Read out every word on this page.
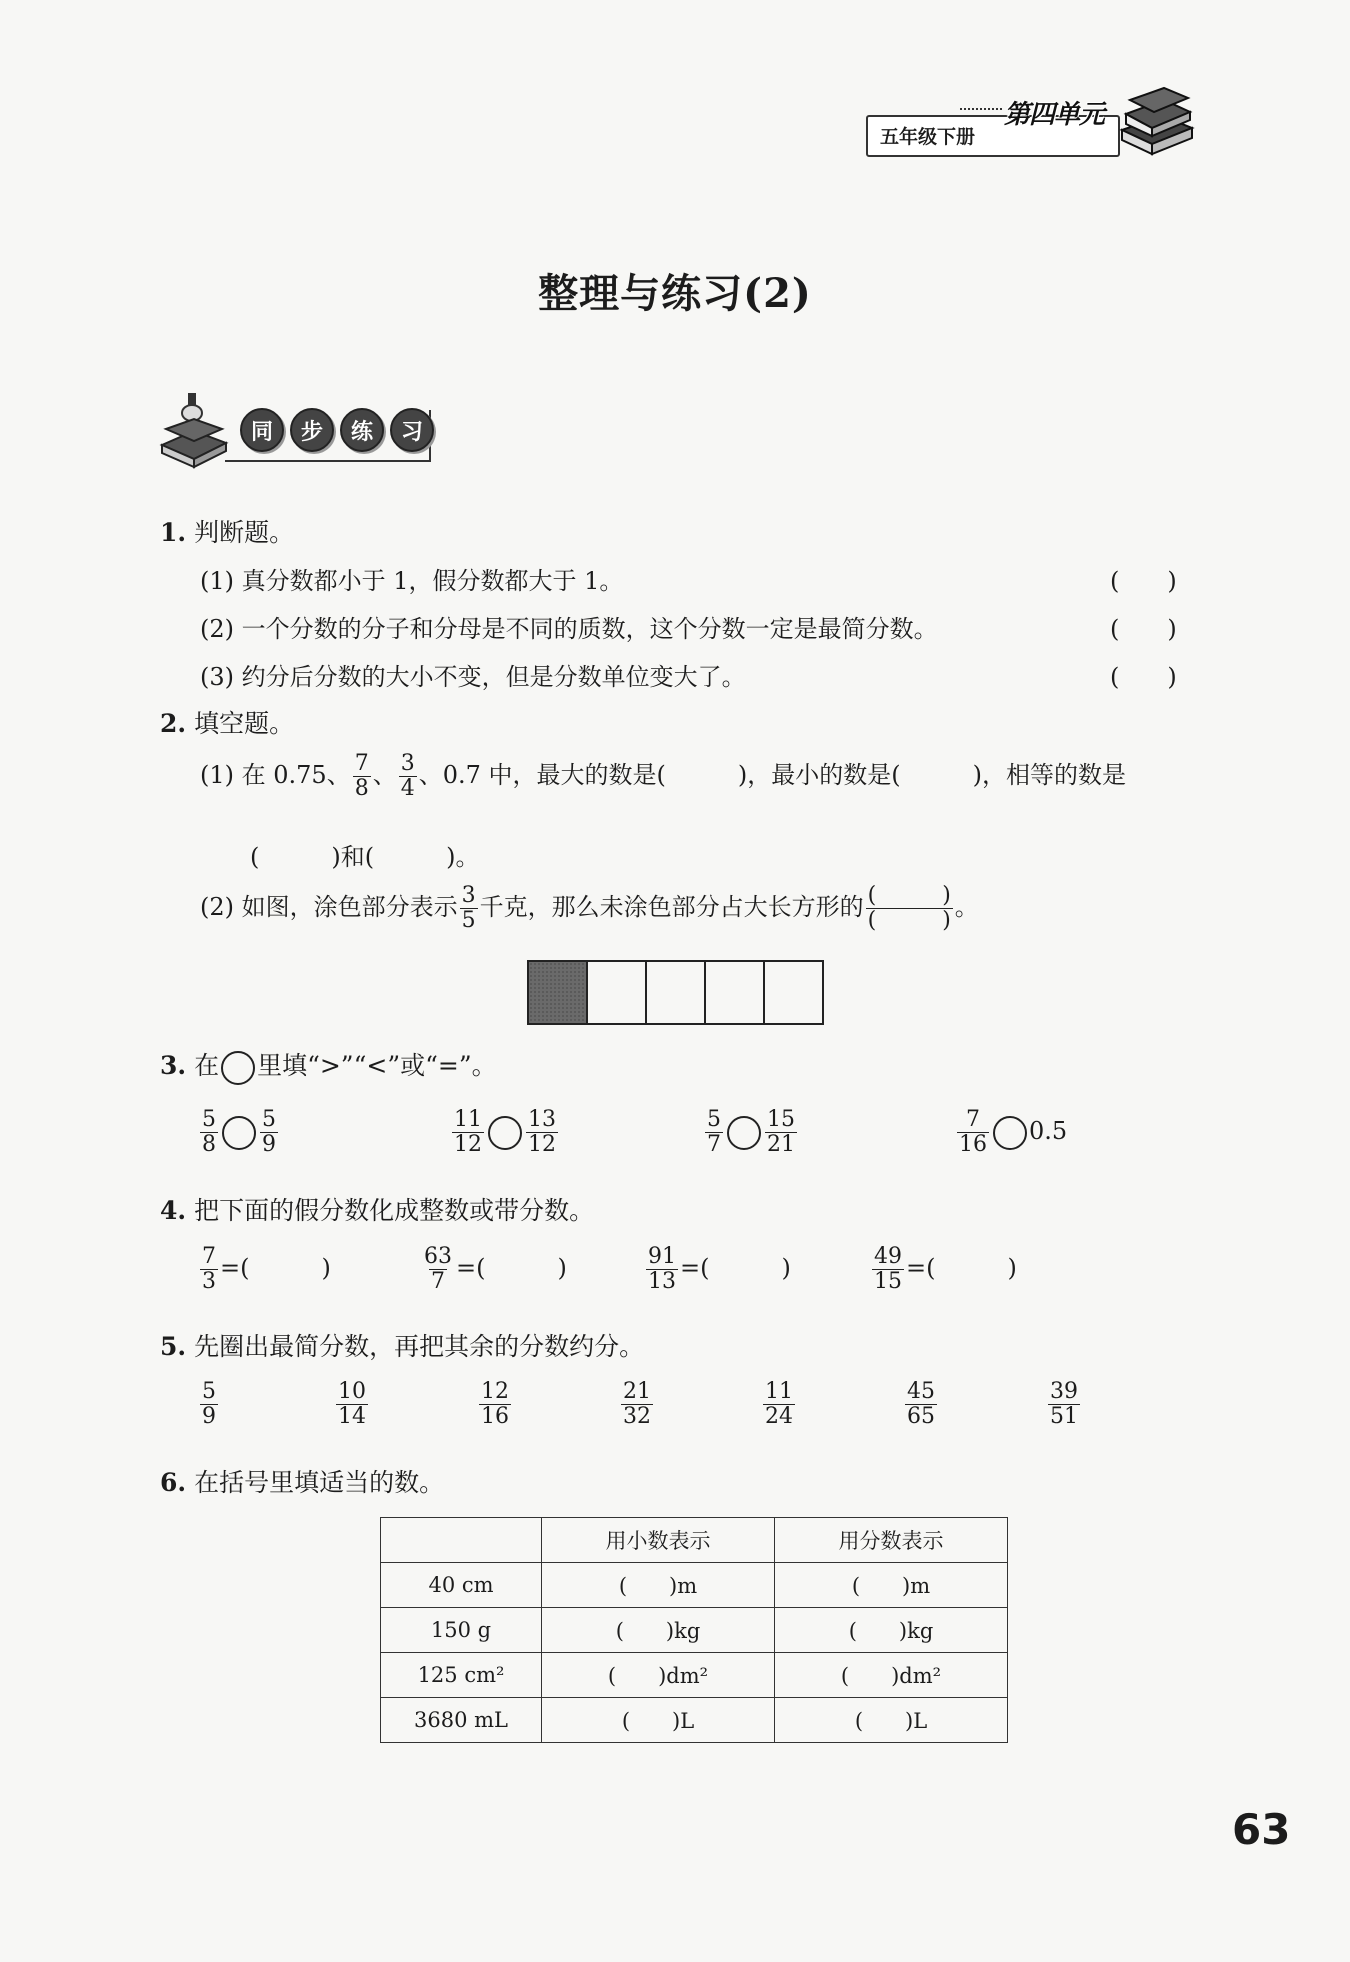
五年级下册
第四单元
整理与练习(2)
同	步	练	习
1. 判断题。
(1) 真分数都小于 1，假分数都大于 1。	(　　)
(2) 一个分数的分子和分母是不同的质数，这个分数一定是最简分数。	(　　)
(3) 约分后分数的大小不变，但是分数单位变大了。	(　　)
2. 填空题。
(1) 在 0.75、 $\frac{7}{8}$ 、 $\frac{3}{4}$ 、0.7 中，最大的数是(　　　)，最小的数是(　　　)，相等的数是
(　　　)和(　　　)。
(2) 如图，涂色部分表示 $\frac{3}{5}$ 千克，那么未涂色部分占大长方形的 $\frac{( )}{( )}$ 。
3. 在 里填“>”“<”或“=”。
$\frac{5}{8} \frac{5}{9}$	$\frac{11}{12} \frac{13}{12}$	$\frac{5}{7} \frac{15}{21}$	$\frac{7}{16} 0.5$
4. 把下面的假分数化成整数或带分数。
$\frac{7}{3}$ =(　　　)	$\frac{63}{7}$ =(　　　)	$\frac{91}{13}$ =(　　　)	$\frac{49}{15}$ =(　　　)
5. 先圈出最简分数，再把其余的分数约分。
$\frac{5}{9}$	$\frac{10}{14}$	$\frac{12}{16}$	$\frac{21}{32}$	$\frac{11}{24}$	$\frac{45}{65}$	$\frac{39}{51}$
6. 在括号里填适当的数。
	用小数表示	用分数表示
40 cm	(　　)m	(　　)m
150 g	(　　)kg	(　　)kg
125 cm²	(　　)dm²	(　　)dm²
3680 mL	(　　)L	(　　)L
63
